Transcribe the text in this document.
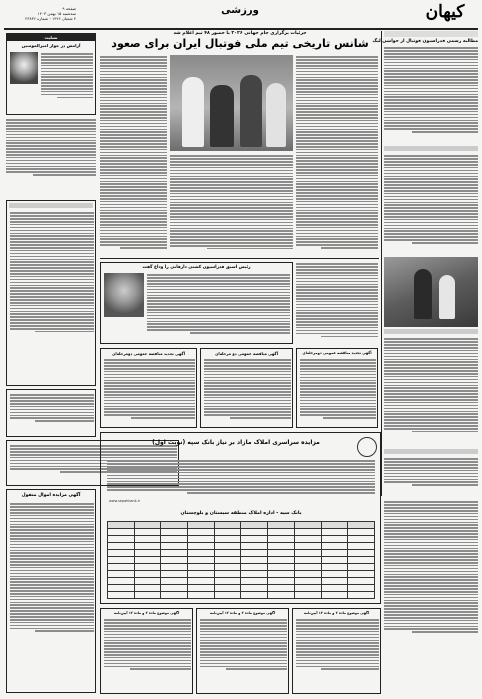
صفحه ۹
سه‌شنبه ۱۵ بهمن ۱۴۰۳
۴ شعبان ۱۴۴۶ - شماره ۲۳۸۳۶
ورزشی	کیهان
مطالبه رسمی فدراسیون فوتبال از حواشی لیگ
جزئیات برگزاری جام جهانی ۲۰۲۶ با حضور ۴۸ تیم اعلام شد
شانس تاریخی تیم ملی فوتبال ایران برای صعود
رئیس اسبق فدراسیون کشتی دارفانی را وداع گفت
آگهی تجدید مناقصه عمومی دومرحله‌ای
آگهی مناقصه عمومی دو مرحله‌ای
آگهی تجدید مناقصه عمومی دومرحله‌ای
تسلیت
آرامش در جوار امیرالمومنین
آگهی مزایده اموال منقول
مزایده سراسری املاک مازاد بر نیاز بانک سپه (نوبت اول)
www.sepahbank.ir
بانک سپه - اداره املاک منطقه سیستان و بلوچستان

آگهی موضوع ماده ۳ و ماده ۱۳ آیین‌نامه
آگهی موضوع ماده ۳ و ماده ۱۳ آیین‌نامه
آگهی موضوع ماده ۳ و ماده ۱۳ آیین‌نامه
